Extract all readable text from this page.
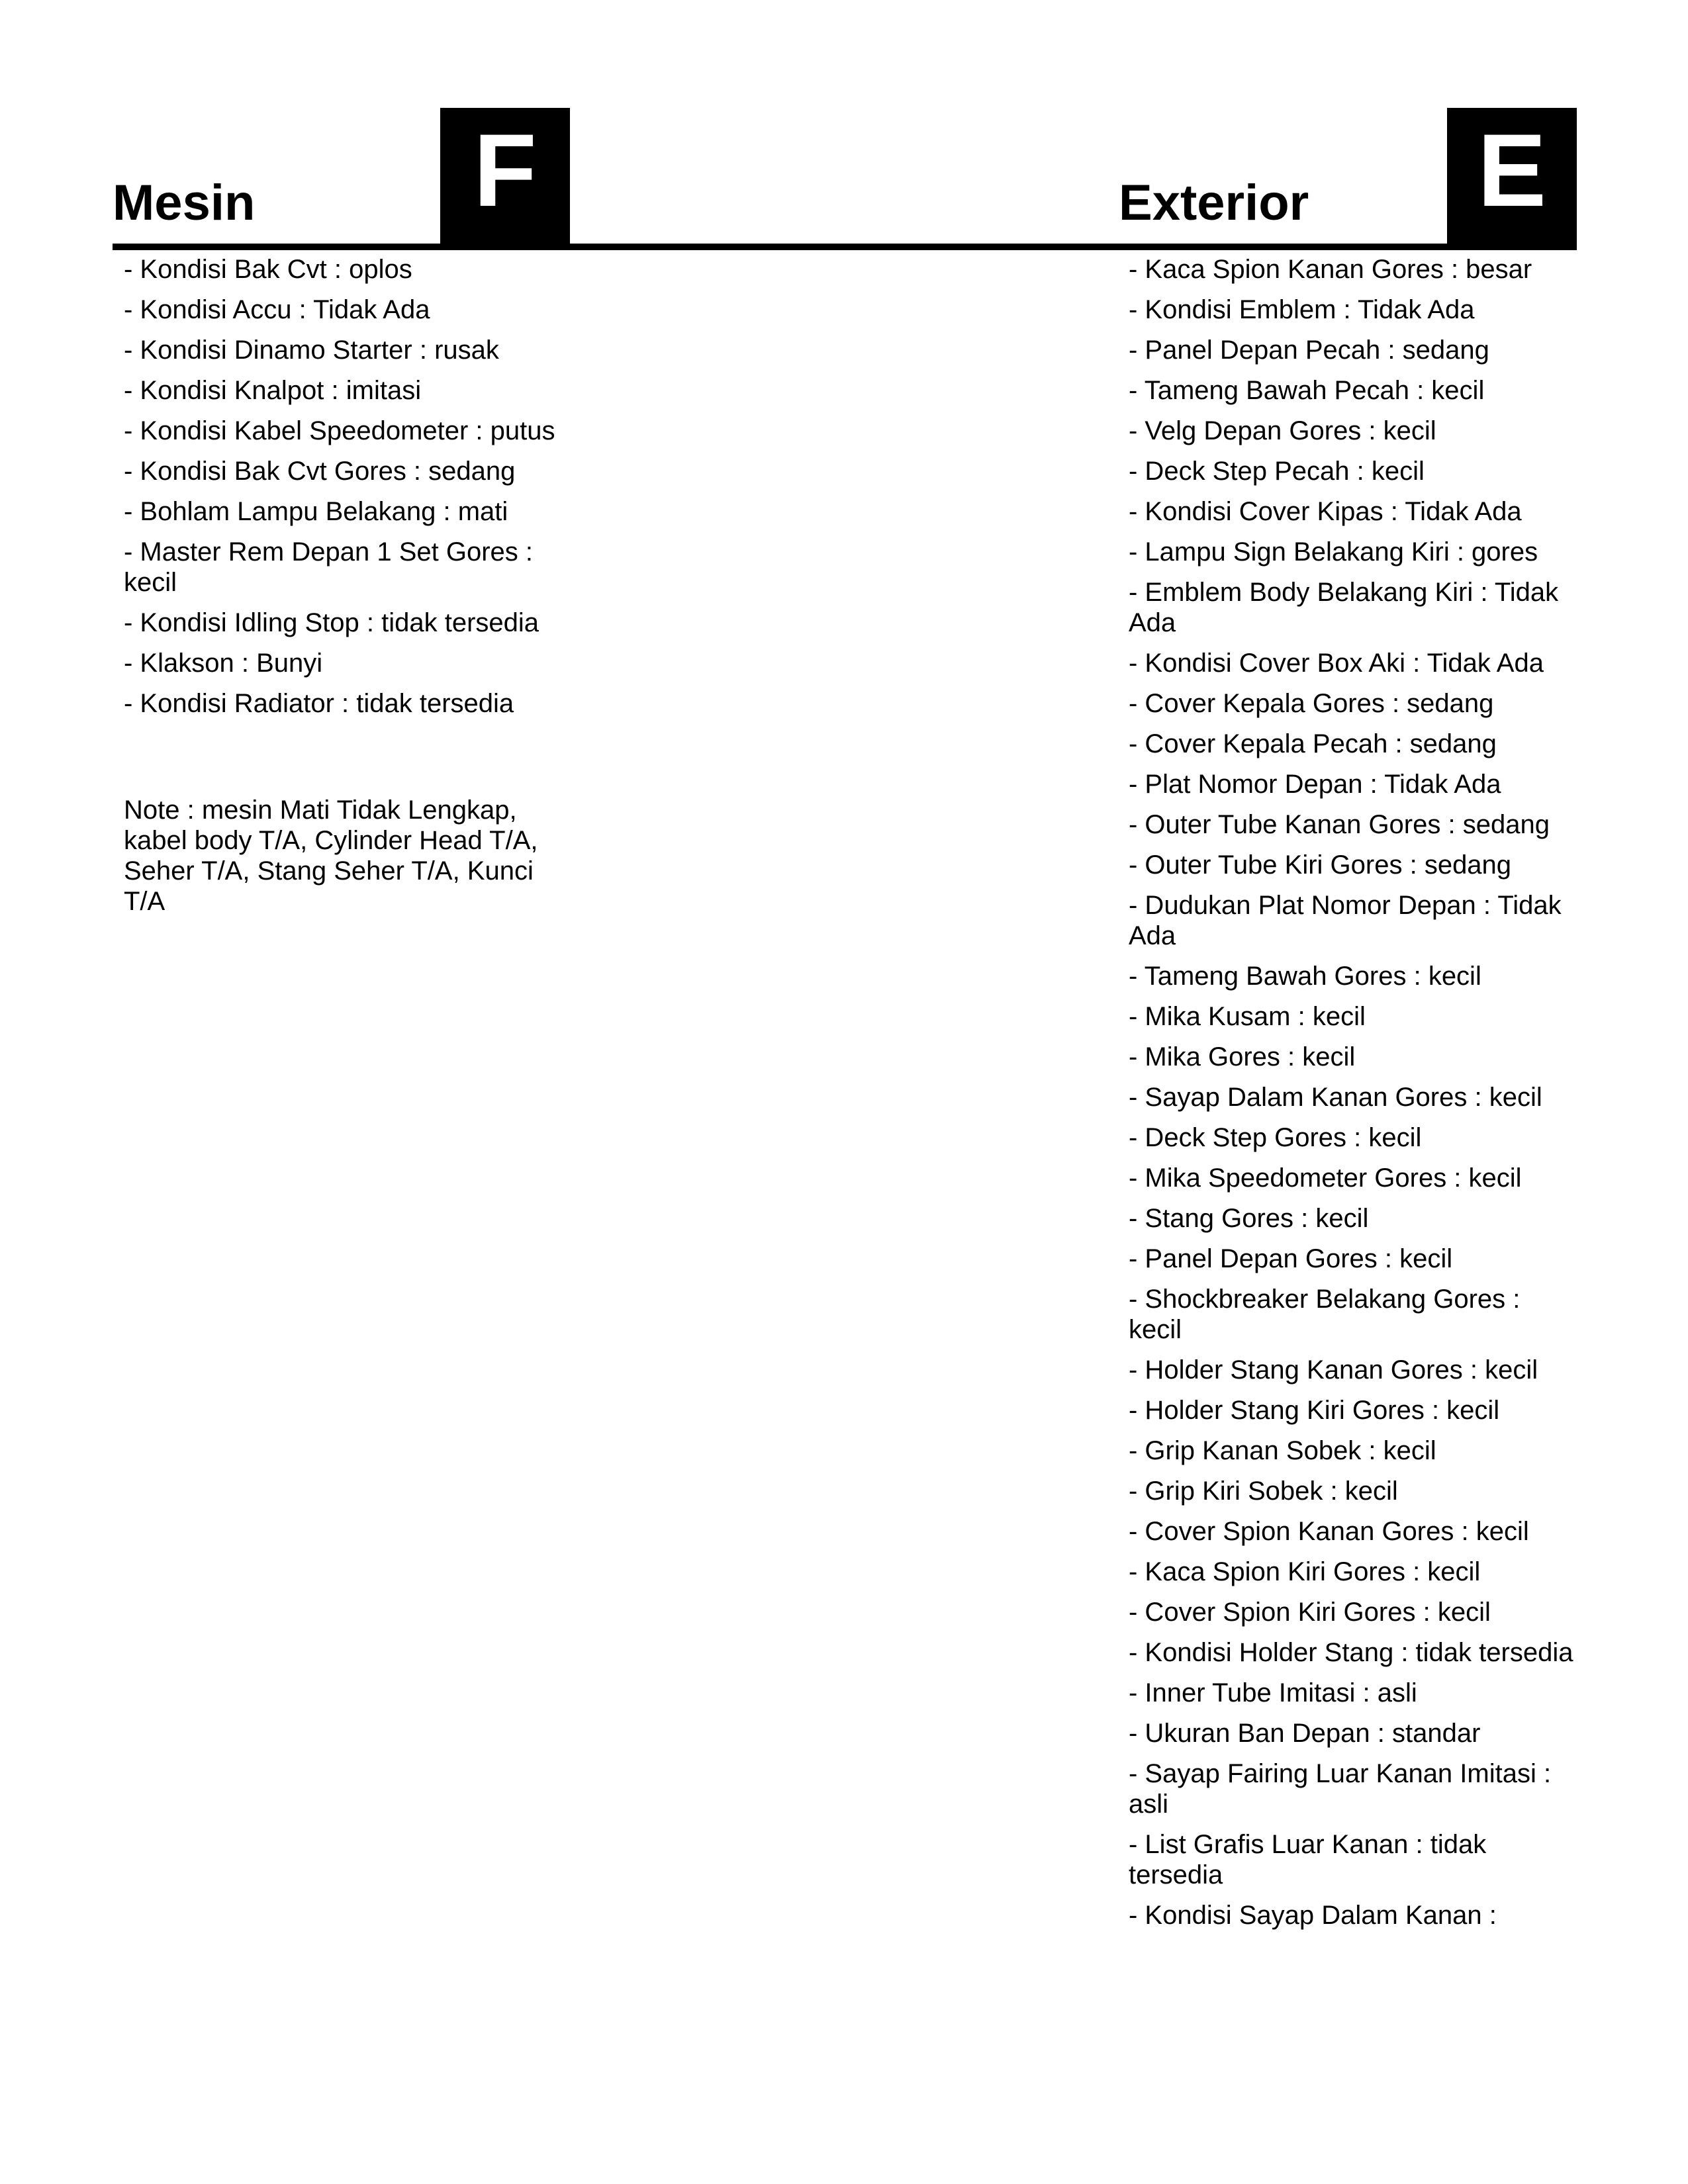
Mesin	F	Exterior E
- Kondisi Bak Cvt : oplos
- Kondisi Accu : Tidak Ada
- Kondisi Dinamo Starter : rusak
- Kondisi Knalpot : imitasi
- Kondisi Kabel Speedometer : putus
- Kondisi Bak Cvt Gores : sedang
- Bohlam Lampu Belakang : mati
- Master Rem Depan 1 Set Gores : kecil
- Kondisi Idling Stop : tidak tersedia
- Klakson : Bunyi
- Kondisi Radiator : tidak tersedia

Note : mesin Mati Tidak Lengkap, kabel body T/A, Cylinder Head T/A, Seher T/A, Stang Seher T/A, Kunci T/A

- Kaca Spion Kanan Gores : besar
- Kondisi Emblem : Tidak Ada
- Panel Depan Pecah : sedang
- Tameng Bawah Pecah : kecil
- Velg Depan Gores : kecil
- Deck Step Pecah : kecil
- Kondisi Cover Kipas : Tidak Ada
- Lampu Sign Belakang Kiri : gores
- Emblem Body Belakang Kiri : Tidak Ada
- Kondisi Cover Box Aki : Tidak Ada
- Cover Kepala Gores : sedang
- Cover Kepala Pecah : sedang
- Plat Nomor Depan : Tidak Ada
- Outer Tube Kanan Gores : sedang
- Outer Tube Kiri Gores : sedang
- Dudukan Plat Nomor Depan : Tidak Ada
- Tameng Bawah Gores : kecil
- Mika Kusam : kecil
- Mika Gores : kecil
- Sayap Dalam Kanan Gores : kecil
- Deck Step Gores : kecil
- Mika Speedometer Gores : kecil
- Stang Gores : kecil
- Panel Depan Gores : kecil
- Shockbreaker Belakang Gores : kecil
- Holder Stang Kanan Gores : kecil
- Holder Stang Kiri Gores : kecil
- Grip Kanan Sobek : kecil
- Grip Kiri Sobek : kecil
- Cover Spion Kanan Gores : kecil
- Kaca Spion Kiri Gores : kecil
- Cover Spion Kiri Gores : kecil
- Kondisi Holder Stang : tidak tersedia
- Inner Tube Imitasi : asli
- Ukuran Ban Depan : standar
- Sayap Fairing Luar Kanan Imitasi : asli
- List Grafis Luar Kanan : tidak tersedia
- Kondisi Sayap Dalam Kanan :
